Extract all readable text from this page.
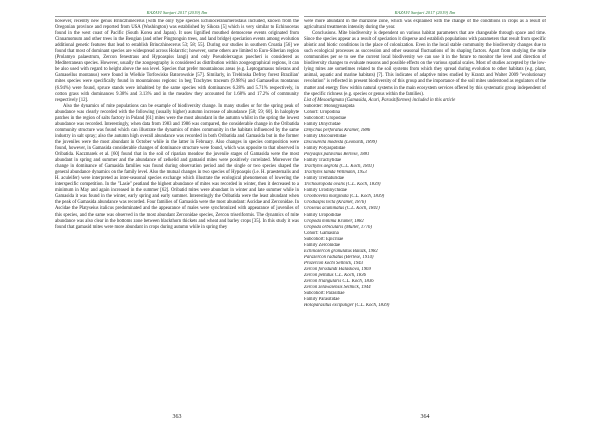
RAZAVI Sanjari 2017 (2019) Ilm

however, recently new genus Brinczhinecerus [with the only type species Echinoceranumerostaus included, known from the Oregonian province and reported from USA (Washington) was established by Sikora [5] which is very similar to Echinoceras found in the west coast of Pacific (South Korea and Japan). It uses lignified mouthed demoscene events originated from Cinnamomum and other trees in the Bengian (and other Pingtongsin trees, and land bridge) speciation events among evolution additional genetic features that lead to establish Brinczhinecerus 53; 58; 55]. During our studies in southern Croatia [56] we found that most of dominant species are widespread across Holarctic; however, some others are limited to Euro-Siberian region (Prolamyo palaestrum, Zercon fenestraus and Hypoaspiss langi) and only Pseudolerxagus puecheri is considered as Mediterranean species. However, usually the zoogeography is considered as distribution within zoogeographical regions, it can be also used with regard to height above the sea level. Species that prefer mountainous areas (e.g. Leptogamasus tolerans and Gamasellus montanus) were found in Wielkie Torfowisko Batorowskie [57]. Similarly, in Trebinska Defroy forest Brazilian' mites species were specifically found in mountainous regions: in beg Trachytes traceum (9.98%) and Gamasellus montanus (6.94%) were found, spruce stands were inhabited by the same species with dominances 6.28% and 5.71% respectively, in cotton grass with dominances 9.38% and 3.13% and in the meadow they accounted for 1.68% and 17.2% of community respectively [12].

Also the dynamics of mite populations can be example of biodiversity change. In many studies or for the spring peak of abundance was clearly recorded with the following (usually higher) autumn increase of abundance [58; 59; 60]. In halophyte patches in the region of salts factory in Poland [61] mites were the most abundant in the autumn whilst in the spring the lowest abundance was recorded. Interestingly, when data from 1983 and 1986 was compared, the considerable change in the Oribatida community structure was found which can illustrate the dynamics of mites community in the habitats influenced by the same industry in salt spray; also the autumn high overall abundance was recorded in both Oribatida and Gamasida but in the former the juveniles were the most abundant in October while in the latter in February. Also changes in species composition were found, however, in Gamasida considerable changes of dominance structure were found, which was opposite to that observed in Oribatida. Kaczmarek et al. [60] found that in the soil of riparian meadow the juvenile stages of Gamasida were the most abundant in spring and summer and the abundance of zelkelid and gamasid mites were positively correlated. Moreover the change in dominance of Gamasida families was found during observation period and the single or two species shaped the general abundance dynamics on the family level. Also the mutual changes in two species of Hypoaspis (i.e. H. praesternalis and H. aculeifer) were interpreted as inter-seasonal species exchange which illustrate the ecological phenomenon of lowering the interspecific competition. In the "Lasie" peatland the highest abundance of mites was recorded in winter, then it decreased to a minimum in May and again increased in the summer [62]. Oribatid mites were abundant in winter and late summer while in Gamasida it was found in the winter, early spring and early summer. Interestingly the Oribatida were the least abundant when the peak of Gamasida abundance was recorded. Four families of Gamasida were the most abundant: Ascidae and Zerconidae. In Ascidae the Platyseius italicus predominated and the appearance of males were synchronized with appearance of juveniles of this species, and the same was observed in the most abundant Zerconidae species, Zercon triseriformis. The dynamics of mite abundance was also clear in the bottoms zone between blackthorn thickets and wheat and barley crops [35]. In this study it was found that gamasid mites were more abundant in crops during autumn while in spring they

363
RAZAVI Sanjari 2017 (2019) Ilm

were more abundant in the marizone zone, which was explained with the change of the conditions in crops as a result of agricultural treatments intensity during the year.

Conclusions. Mite biodiversity is dependent on various habitat parameters that are changeable through space and time. Since the species appear as a result of speciation it disperse and establish populations with parameters that result from specific abiotic and biotic conditions in the place of colonization. Even in the local stable community the biodiversity changes due to such ecological processes as succession and other seasonal fluctuations of its shaping factors. Apart from studying the mite communities per se to see the current local biodiversity we can use it in the future to monitor the level and direction of biodiversity changes to evaluate reasons and possible effects on the various spatial scales. Most of studies accepted by the low-lying mites are sometimes related to the soil systems from which they spread during evolution to other habitats (e.g. plant, animal, aquatic and marine habitats) [7]. This indicates of adaptive mites studied by Krantz and Walter 2009 "evolutionary revolution" is reflected in present biodiversity of this group and the importance of the soil mites understood as regulators of the matter and energy flow within natural systems in the main ecosystem services offered by this systematic group independent of the specific richness (e.g. species or genus within the families).

List of Mesostigmata (Gamasida, Acari, Parasitiformes) included in this article

Suborder: Monogynaspida
Cohort: Uropodina
Subcohort: Uropodiae
Family Dinychidae
Dinychus perforatus Kramer, 1886
Family Discourellidae
Discourella modesta (Leonardi, 1899)
Family Polyaspididae
Polyaspis patavinus Berlese, 1881
Family Trachytidae
Trachytes aegrota (C.L. Koch, 1841)
Trachytes lamda Willmann, 1953
Family Trematuridae
Trichouropoda ovalis (C.L. Koch, 1839)
Family Urodinychidae
Uroobovella marginata (C.L. Koch, 1839)
Urodiaspis tecta (Kramer, 1876)
Uroseius acuminatus (C.L. Koch, 1841)
Family Uropodidae
Uropoda minima Kramer, 1882
Uropoda orbicularis (Muller, 1776)
Cohort: Gamasina
Subcohort: Epicriiae
Family Zerconidae
Echinozercon granulatus Balazk, 1982
Parazercon radiatus (Berlese, 1914)
Prozercon kochi Sellnick, 1943
Zercon forsslundi Halaskova, 1969
Zercon peltatus C.L. Koch, 1836
Zercon triangularis C.L. Koch, 1836
Zercon zelawaiensis Sellnick, 1944
Subcohort: Parasitiae
Family Parasitidae
Holoparasitus excipuliger (C.L. Koch, 1839)
364
